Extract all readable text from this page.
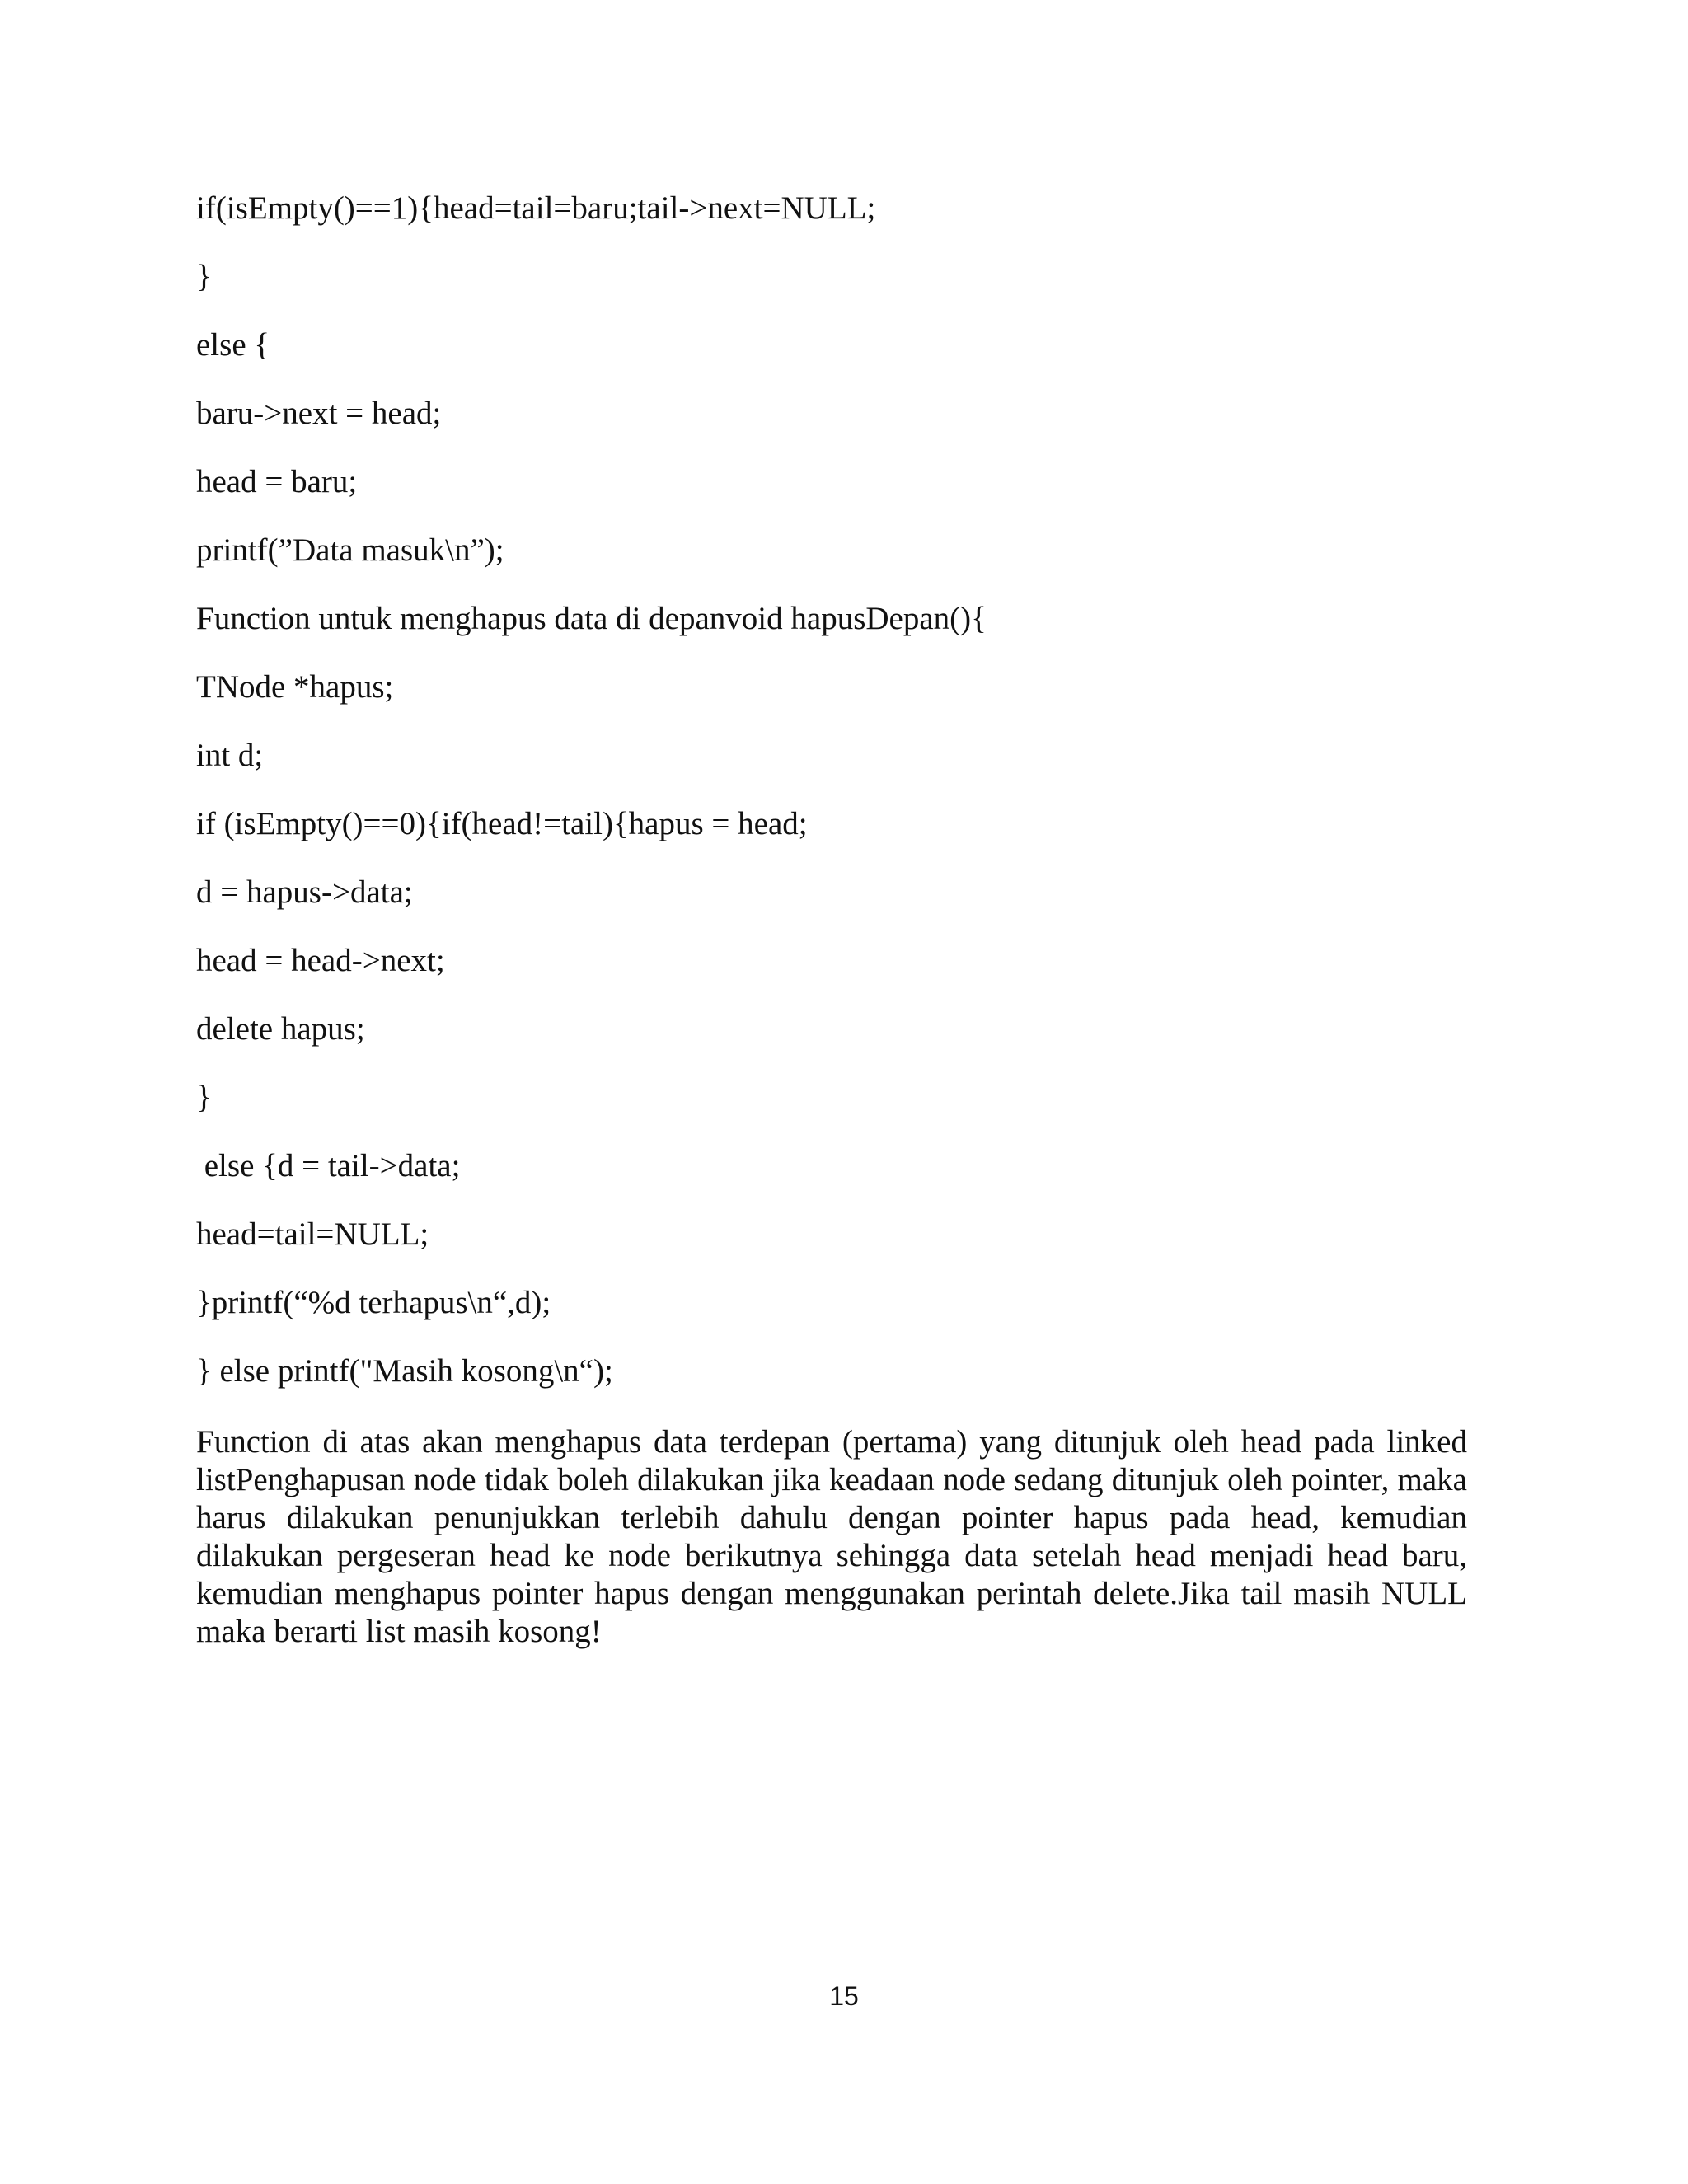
if(isEmpty()==1){head=tail=baru;tail->next=NULL;
}
else {
baru->next = head;
head = baru;
printf(”Data masuk\n”);
Function untuk menghapus data di depanvoid hapusDepan(){
TNode *hapus;
int d;
if (isEmpty()==0){if(head!=tail){hapus = head;
d = hapus->data;
head = head->next;
delete hapus;
}
else {d = tail->data;
head=tail=NULL;
}printf(“%d terhapus\n“,d);
} else printf("Masih kosong\n“);

Function di atas akan menghapus data terdepan (pertama) yang ditunjuk oleh head pada linked listPenghapusan node tidak boleh dilakukan jika keadaan node sedang ditunjuk oleh pointer, maka harus dilakukan penunjukkan terlebih dahulu dengan pointer hapus pada head, kemudian dilakukan pergeseran head ke node berikutnya sehingga data setelah head menjadi head baru, kemudian menghapus pointer hapus dengan menggunakan perintah delete.Jika tail masih NULL maka berarti list masih kosong!

15
